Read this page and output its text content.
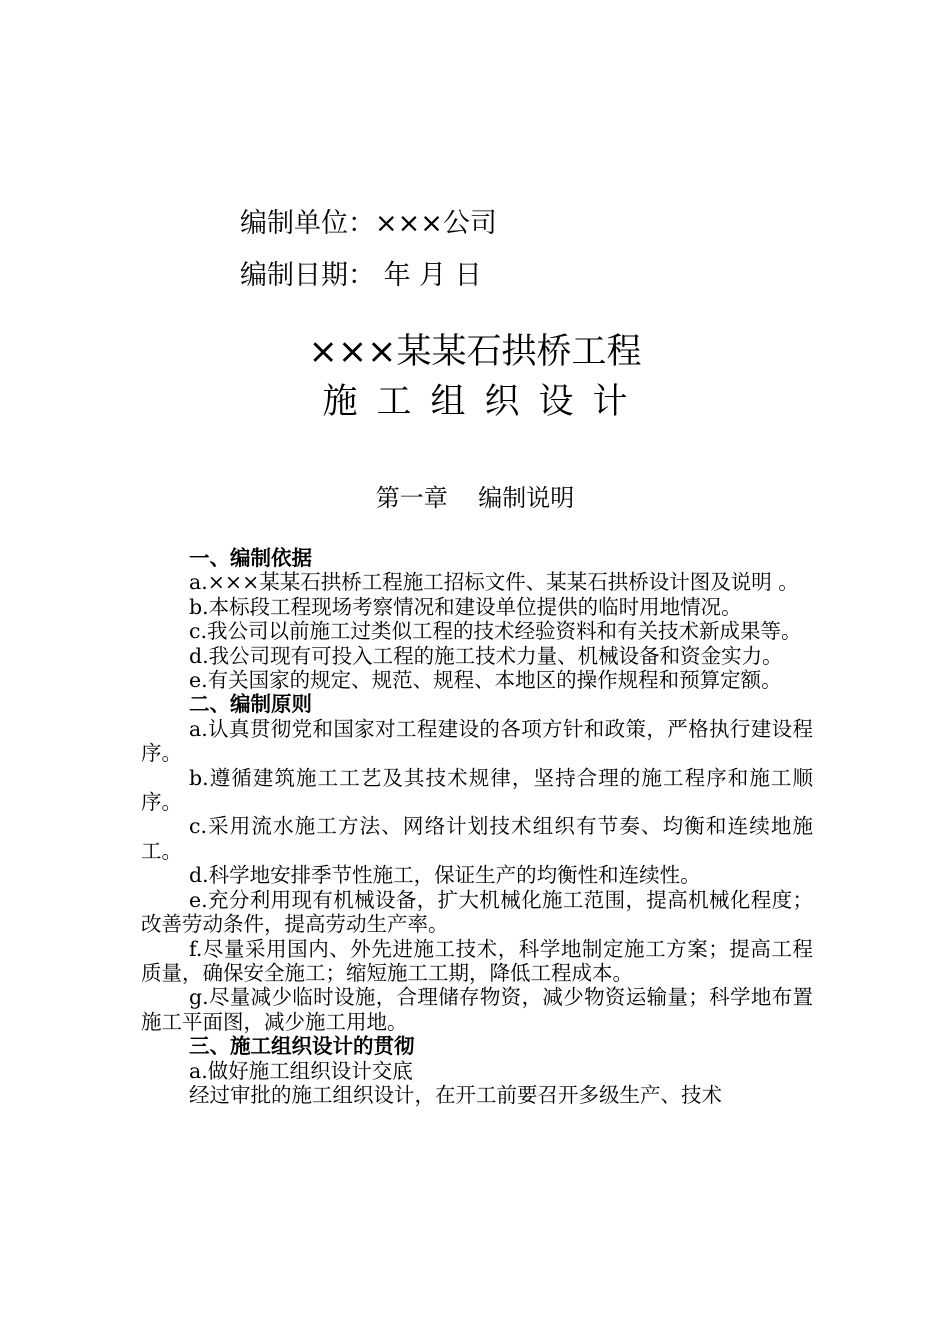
编制单位：×××公司
编制日期： 年 月 日
×××某某石拱桥工程
施工组织设计
第一章    编制说明
一、编制依据

a.×××某某石拱桥工程施工招标文件、某某石拱桥设计图及说明 。

b.本标段工程现场考察情况和建设单位提供的临时用地情况。

c.我公司以前施工过类似工程的技术经验资料和有关技术新成果等。

d.我公司现有可投入工程的施工技术力量、机械设备和资金实力。

e.有关国家的规定、规范、规程、本地区的操作规程和预算定额。

二、编制原则

a.认真贯彻党和国家对工程建设的各项方针和政策，严格执行建设程序。

b.遵循建筑施工工艺及其技术规律，坚持合理的施工程序和施工顺序。

c.采用流水施工方法、网络计划技术组织有节奏、均衡和连续地施工。

d.科学地安排季节性施工，保证生产的均衡性和连续性。

e.充分利用现有机械设备，扩大机械化施工范围，提高机械化程度；改善劳动条件，提高劳动生产率。

f.尽量采用国内、外先进施工技术，科学地制定施工方案；提高工程质量，确保安全施工；缩短施工工期，降低工程成本。

g.尽量减少临时设施，合理储存物资，减少物资运输量；科学地布置施工平面图，减少施工用地。

三、施工组织设计的贯彻

a.做好施工组织设计交底

经过审批的施工组织设计，在开工前要召开多级生产、技术
